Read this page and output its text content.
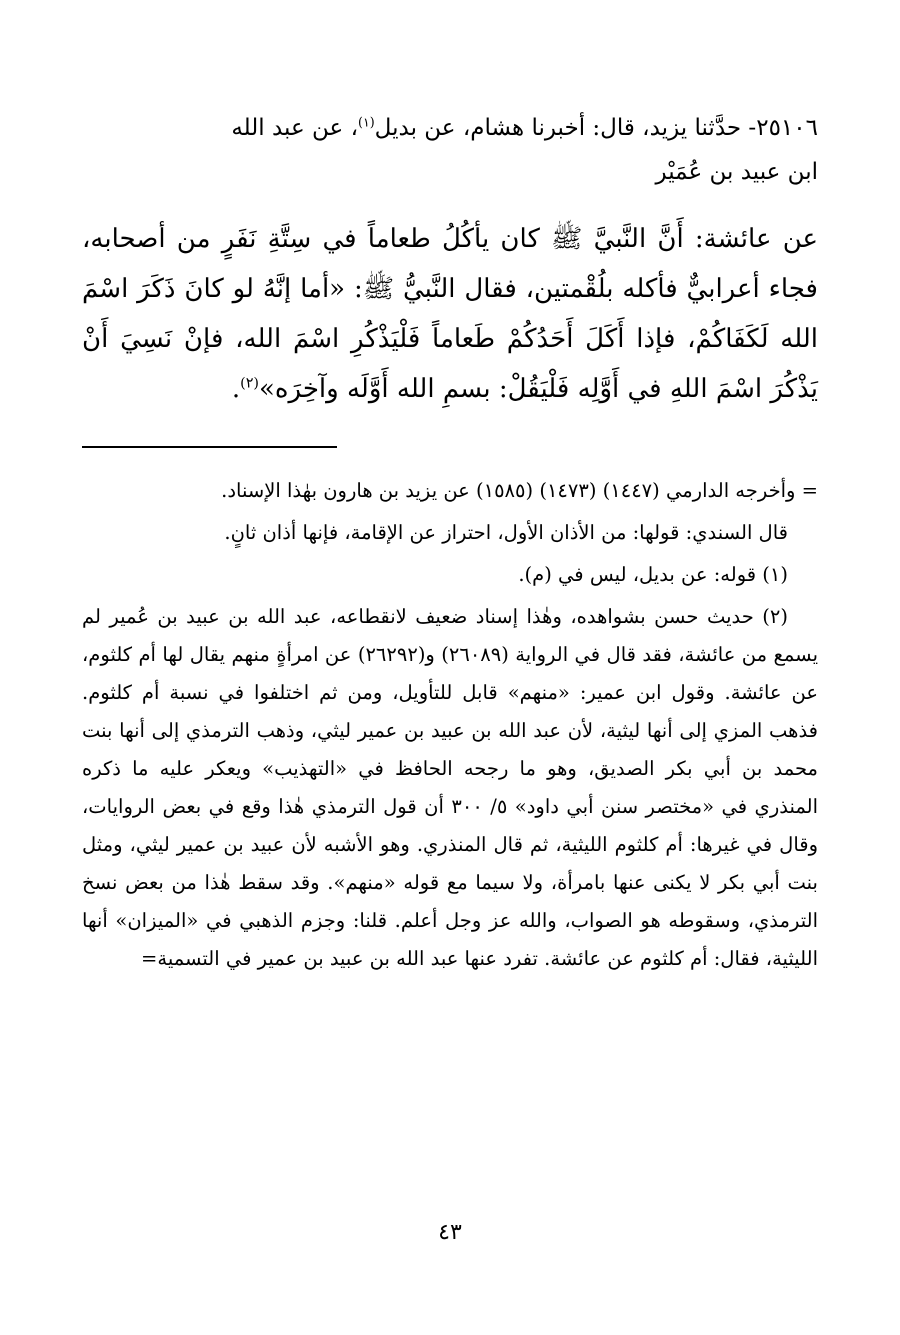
٢٥١٠٦- حدَّثنا يزيد، قال: أخبرنا هشام، عن بديل$^{(١)}$، عن عبد الله
ابن عبيد بن عُمَيْر

عن عائشة: أَنَّ النَّبيَّ ﷺ كان يأكُلُ طعاماً في سِتَّةِ نَفَرٍ من أصحابه، فجاء أعرابيٌّ فأكله بلُقْمتين، فقال النَّبيُّ ﷺ: «أما إنَّهُ لو كانَ ذَكَرَ اسْمَ الله لَكَفَاكُمْ، فإذا أَكَلَ أَحَدُكُمْ طَعاماً فَلْيَذْكُرِ اسْمَ الله، فإنْ نَسِيَ أَنْ يَذْكُرَ اسْمَ اللهِ في أَوَّلِه فَلْيَقُلْ: بسمِ الله أَوَّلَه وآخِرَه»$^{(٢)}$.

= وأخرجه الدارمي (١٤٤٧) (١٤٧٣) (١٥٨٥) عن يزيد بن هارون بهٰذا الإسناد.

قال السندي: قولها: من الأذان الأول، احتراز عن الإقامة، فإنها أذان ثانٍ.

(١) قوله: عن بديل، ليس في (م).

(٢) حديث حسن بشواهده، وهٰذا إسناد ضعيف لانقطاعه، عبد الله بن عبيد بن عُمير لم يسمع من عائشة، فقد قال في الرواية (٢٦٠٨٩) و(٢٦٢٩٢) عن امرأةٍ منهم يقال لها أم كلثوم، عن عائشة. وقول ابن عمير: «منهم» قابل للتأويل، ومن ثم اختلفوا في نسبة أم كلثوم. فذهب المزي إلى أنها ليثية، لأن عبد الله بن عبيد بن عمير ليثي، وذهب الترمذي إلى أنها بنت محمد بن أبي بكر الصديق، وهو ما رجحه الحافظ في «التهذيب» ويعكر عليه ما ذكره المنذري في «مختصر سنن أبي داود» ٥/ ٣٠٠ أن قول الترمذي هٰذا وقع في بعض الروايات، وقال في غيرها: أم كلثوم الليثية، ثم قال المنذري. وهو الأشبه لأن عبيد بن عمير ليثي، ومثل بنت أبي بكر لا يكنى عنها بامرأة، ولا سيما مع قوله «منهم». وقد سقط هٰذا من بعض نسخ الترمذي، وسقوطه هو الصواب، والله عز وجل أعلم. قلنا: وجزم الذهبي في «الميزان» أنها الليثية، فقال: أم كلثوم عن عائشة. تفرد عنها عبد الله بن عبيد بن عمير في التسمية=

٤٣
